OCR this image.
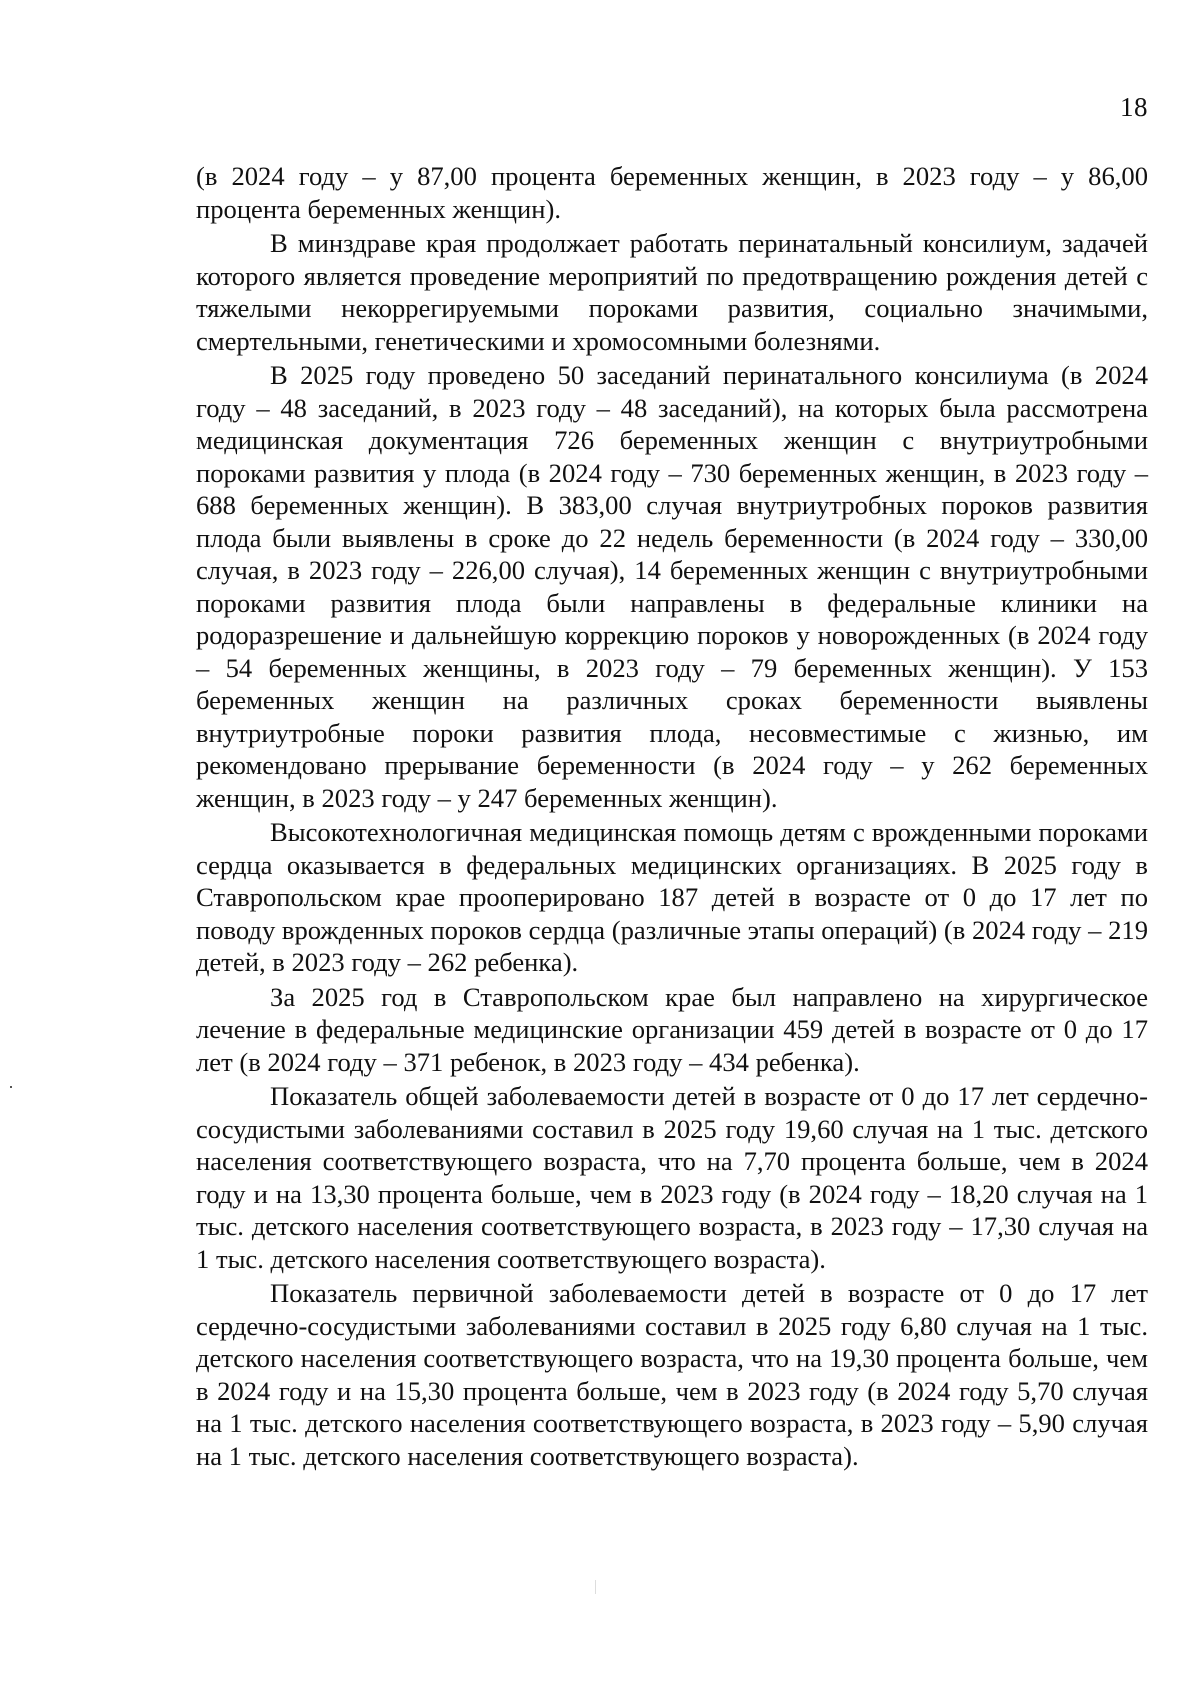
18

(в 2024 году – у 87,00 процента беременных женщин, в 2023 году – у 86,00 процента беременных женщин).

В минздраве края продолжает работать перинатальный консилиум, задачей которого является проведение мероприятий по предотвращению рождения детей с тяжелыми некоррегируемыми пороками развития, социально значимыми, смертельными, генетическими и хромосомными болезнями.

В 2025 году проведено 50 заседаний перинатального консилиума (в 2024 году – 48 заседаний, в 2023 году – 48 заседаний), на которых была рассмотрена медицинская документация 726 беременных женщин с внутриутробными пороками развития у плода (в 2024 году – 730 беременных женщин, в 2023 году – 688 беременных женщин). В 383,00 случая внутриутробных пороков развития плода были выявлены в сроке до 22 недель беременности (в 2024 году – 330,00 случая, в 2023 году – 226,00 случая), 14 беременных женщин с внутриутробными пороками развития плода были направлены в федеральные клиники на родоразрешение и дальнейшую коррекцию пороков у новорожденных (в 2024 году – 54 беременных женщины, в 2023 году – 79 беременных женщин). У 153 беременных женщин на различных сроках беременности выявлены внутриутробные пороки развития плода, несовместимые с жизнью, им рекомендовано прерывание беременности (в 2024 году – у 262 беременных женщин, в 2023 году – у 247 беременных женщин).

Высокотехнологичная медицинская помощь детям с врожденными пороками сердца оказывается в федеральных медицинских организациях. В 2025 году в Ставропольском крае прооперировано 187 детей в возрасте от 0 до 17 лет по поводу врожденных пороков сердца (различные этапы операций) (в 2024 году – 219 детей, в 2023 году – 262 ребенка).

За 2025 год в Ставропольском крае был направлено на хирургическое лечение в федеральные медицинские организации 459 детей в возрасте от 0 до 17 лет (в 2024 году – 371 ребенок, в 2023 году – 434 ребенка).

Показатель общей заболеваемости детей в возрасте от 0 до 17 лет сердечно-сосудистыми заболеваниями составил в 2025 году 19,60 случая на 1 тыс. детского населения соответствующего возраста, что на 7,70 процента больше, чем в 2024 году и на 13,30 процента больше, чем в 2023 году (в 2024 году – 18,20 случая на 1 тыс. детского населения соответствующего возраста, в 2023 году – 17,30 случая на 1 тыс. детского населения соответствующего возраста).

Показатель первичной заболеваемости детей в возрасте от 0 до 17 лет сердечно-сосудистыми заболеваниями составил в 2025 году 6,80 случая на 1 тыс. детского населения соответствующего возраста, что на 19,30 процента больше, чем в 2024 году и на 15,30 процента больше, чем в 2023 году (в 2024 году 5,70 случая на 1 тыс. детского населения соответствующего возраста, в 2023 году – 5,90 случая на 1 тыс. детского населения соответствующего возраста).
